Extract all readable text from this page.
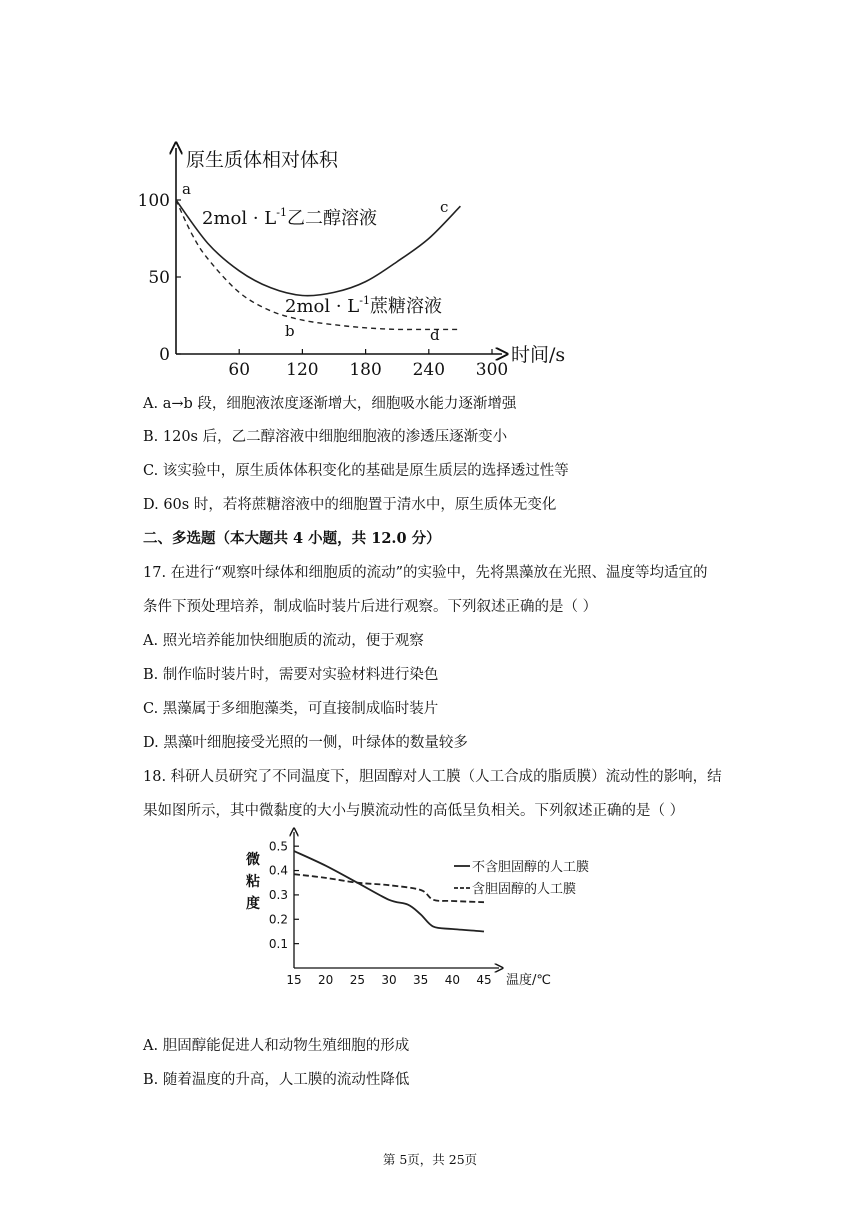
原生质体相对体积
时间/s
0
50
100
60 120 180 240 300
a
b
c
d
$2mol \cdot L^{-1}$乙二醇溶液
$2mol \cdot L^{-1}$蔗糖溶液
A. a→b 段，细胞液浓度逐渐增大，细胞吸水能力逐渐增强
B. 120s 后，乙二醇溶液中细胞细胞液的渗透压逐渐变小
C. 该实验中，原生质体体积变化的基础是原生质层的选择透过性等
D. 60s 时，若将蔗糖溶液中的细胞置于清水中，原生质体无变化
二、多选题（本大题共 4 小题，共 12.0 分）
17. 在进行“观察叶绿体和细胞质的流动”的实验中，先将黑藻放在光照、温度等均适宜的
条件下预处理培养，制成临时装片后进行观察。下列叙述正确的是（ ）
A. 照光培养能加快细胞质的流动，便于观察
B. 制作临时装片时，需要对实验材料进行染色
C. 黑藻属于多细胞藻类，可直接制成临时装片
D. 黑藻叶细胞接受光照的一侧，叶绿体的数量较多
18. 科研人员研究了不同温度下，胆固醇对人工膜（人工合成的脂质膜）流动性的影响，结
果如图所示，其中微黏度的大小与膜流动性的高低呈负相关。下列叙述正确的是（ ）
微
粘
度
温度/℃
0.1
0.2
0.3
0.4
0.5
15 20 25 30 35 40 45
不含胆固醇的人工膜
含胆固醇的人工膜
A. 胆固醇能促进人和动物生殖细胞的形成
B. 随着温度的升高，人工膜的流动性降低
第 5页，共 25页
